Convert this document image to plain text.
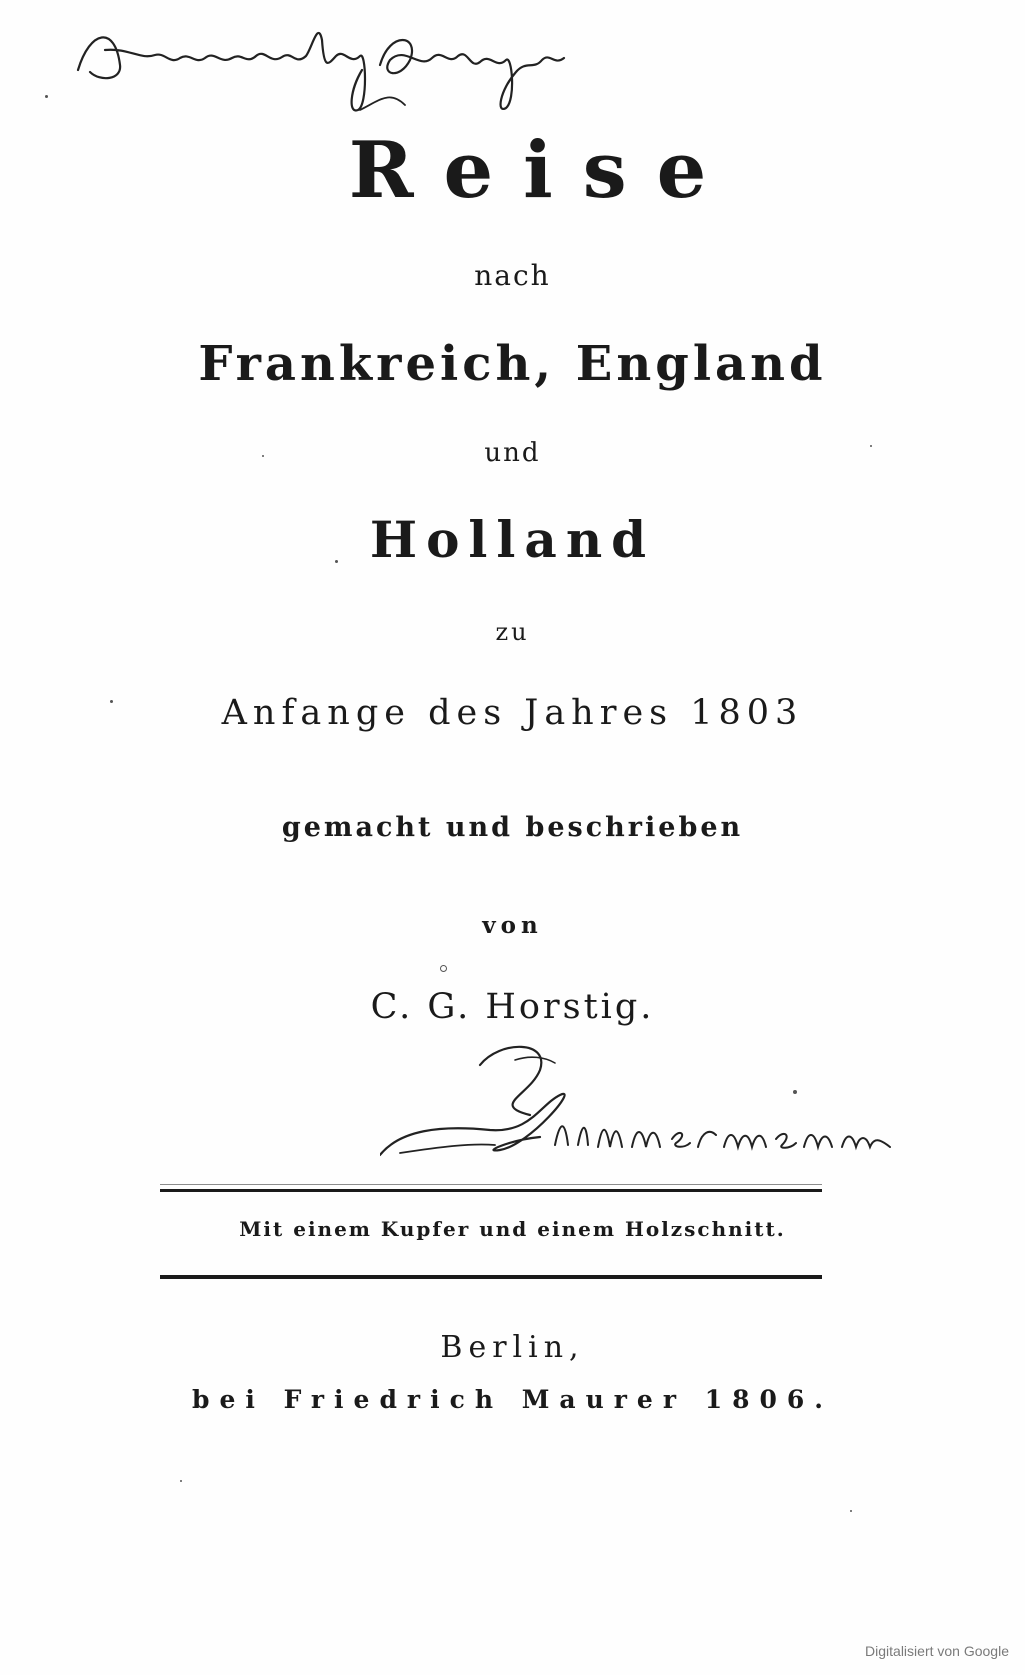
Reise
nach
Frankreich, England
und
Holland
zu
Anfange des Jahres 1803
gemacht und beschrieben
von
C. G. Horstig.
Mit einem Kupfer und einem Holzschnitt.
Berlin,
bei Friedrich Maurer 1806.
Digitalisiert von Google
